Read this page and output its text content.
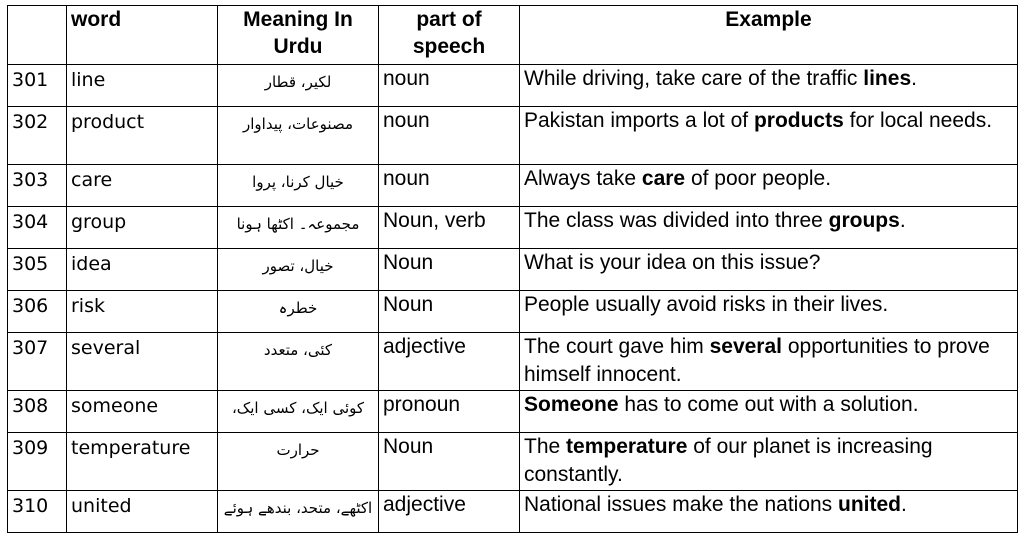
	word	Meaning In Urdu	part of speech	Example
301	line	لکیر، قطار	noun	While driving, take care of the traffic lines.
302	product	مصنوعات، پیداوار	noun	Pakistan imports a lot of products for local needs.
303	care	خیال کرنا، پروا	noun	Always take care of poor people.
304	group	مجموعہ۔ اکٹھا ہونا	Noun, verb	The class was divided into three groups.
305	idea	خیال، تصور	Noun	What is your idea on this issue?
306	risk	خطرہ	Noun	People usually avoid risks in their lives.
307	several	کئی، متعدد	adjective	The court gave him several opportunities to prove himself innocent.
308	someone	کوئی ایک، کسی ایک،	pronoun	Someone has to come out with a solution.
309	temperature	حرارت	Noun	The temperature of our planet is increasing constantly.
310	united	اکٹھے، متحد، بندھے ہوئے	adjective	National issues make the nations united.
